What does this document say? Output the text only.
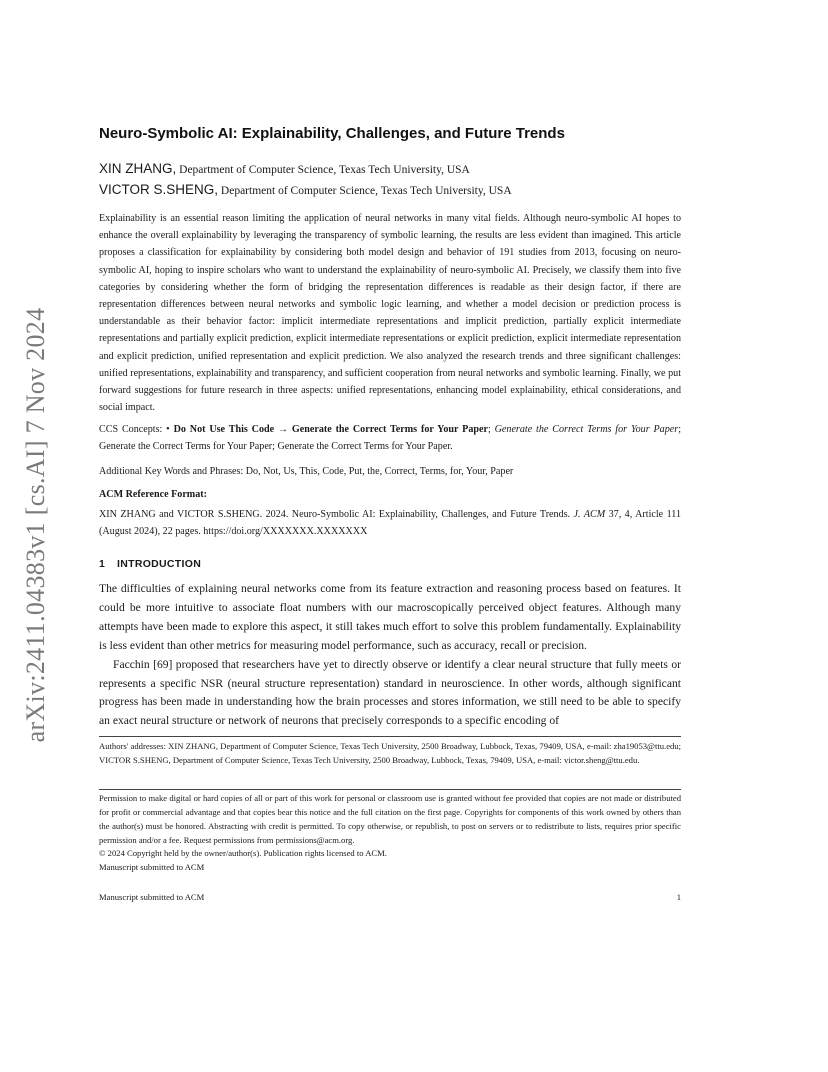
arXiv:2411.04383v1 [cs.AI] 7 Nov 2024
Neuro-Symbolic AI: Explainability, Challenges, and Future Trends
XIN ZHANG, Department of Computer Science, Texas Tech University, USA
VICTOR S.SHENG, Department of Computer Science, Texas Tech University, USA
Explainability is an essential reason limiting the application of neural networks in many vital fields. Although neuro-symbolic AI hopes to enhance the overall explainability by leveraging the transparency of symbolic learning, the results are less evident than imagined. This article proposes a classification for explainability by considering both model design and behavior of 191 studies from 2013, focusing on neuro-symbolic AI, hoping to inspire scholars who want to understand the explainability of neuro-symbolic AI. Precisely, we classify them into five categories by considering whether the form of bridging the representation differences is readable as their design factor, if there are representation differences between neural networks and symbolic logic learning, and whether a model decision or prediction process is understandable as their behavior factor: implicit intermediate representations and implicit prediction, partially explicit intermediate representations and partially explicit prediction, explicit intermediate representations or explicit prediction, explicit intermediate representation and explicit prediction, unified representation and explicit prediction. We also analyzed the research trends and three significant challenges: unified representations, explainability and transparency, and sufficient cooperation from neural networks and symbolic learning. Finally, we put forward suggestions for future research in three aspects: unified representations, enhancing model explainability, ethical considerations, and social impact.
CCS Concepts: • Do Not Use This Code → Generate the Correct Terms for Your Paper; Generate the Correct Terms for Your Paper; Generate the Correct Terms for Your Paper; Generate the Correct Terms for Your Paper.
Additional Key Words and Phrases: Do, Not, Us, This, Code, Put, the, Correct, Terms, for, Your, Paper
ACM Reference Format:
XIN ZHANG and VICTOR S.SHENG. 2024. Neuro-Symbolic AI: Explainability, Challenges, and Future Trends. J. ACM 37, 4, Article 111 (August 2024), 22 pages. https://doi.org/XXXXXXX.XXXXXXX
1 INTRODUCTION

The difficulties of explaining neural networks come from its feature extraction and reasoning process based on features. It could be more intuitive to associate float numbers with our macroscopically perceived object features. Although many attempts have been made to explore this aspect, it still takes much effort to solve this problem fundamentally. Explainability is less evident than other metrics for measuring model performance, such as accuracy, recall or precision.

Facchin [69] proposed that researchers have yet to directly observe or identify a clear neural structure that fully meets or represents a specific NSR (neural structure representation) standard in neuroscience. In other words, although significant progress has been made in understanding how the brain processes and stores information, we still need to be able to specify an exact neural structure or network of neurons that precisely corresponds to a specific encoding of

Authors' addresses: XIN ZHANG, Department of Computer Science, Texas Tech University, 2500 Broadway, Lubbock, Texas, 79409, USA, e-mail: zha19053@ttu.edu; VICTOR S.SHENG, Department of Computer Science, Texas Tech University, 2500 Broadway, Lubbock, Texas, 79409, USA, e-mail: victor.sheng@ttu.edu.
Permission to make digital or hard copies of all or part of this work for personal or classroom use is granted without fee provided that copies are not made or distributed for profit or commercial advantage and that copies bear this notice and the full citation on the first page. Copyrights for components of this work owned by others than the author(s) must be honored. Abstracting with credit is permitted. To copy otherwise, or republish, to post on servers or to redistribute to lists, requires prior specific permission and/or a fee. Request permissions from permissions@acm.org.
© 2024 Copyright held by the owner/author(s). Publication rights licensed to ACM.
Manuscript submitted to ACM
Manuscript submitted to ACM	1
